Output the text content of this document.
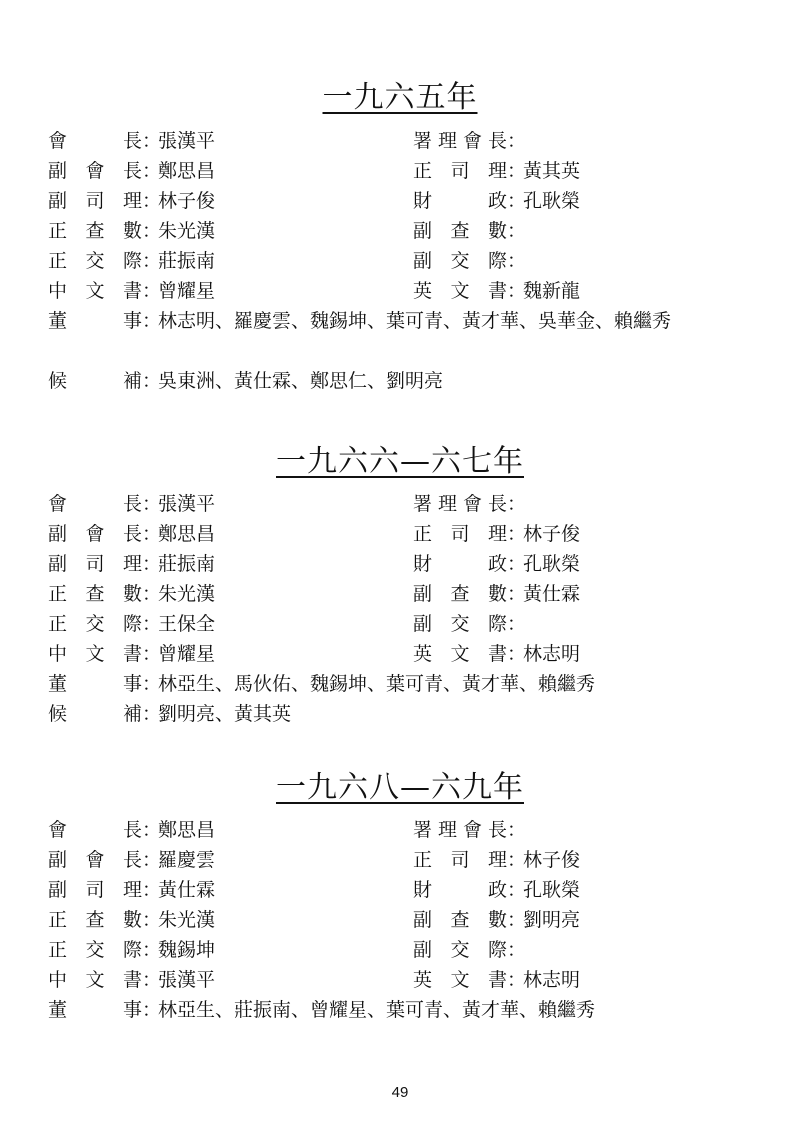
一九六五年
會長：張漢平	署理會長：
副會長：鄭思昌	正司理：黃其英
副司理：林子俊	財政：孔耿榮
正查數：朱光漢	副查數：
正交際：莊振南	副交際：
中文書：曾耀星	英文書：魏新龍
董事：林志明、羅慶雲、魏錫坤、葉可青、黃才華、吳華金、賴繼秀
候補：吳東洲、黃仕霖、鄭思仁、劉明亮
一九六六—六七年
會長：張漢平	署理會長：
副會長：鄭思昌	正司理：林子俊
副司理：莊振南	財政：孔耿榮
正查數：朱光漢	副查數：黃仕霖
正交際：王保全	副交際：
中文書：曾耀星	英文書：林志明
董事：林亞生、馬伙佑、魏錫坤、葉可青、黃才華、賴繼秀
候補：劉明亮、黃其英
一九六八—六九年
會長：鄭思昌	署理會長：
副會長：羅慶雲	正司理：林子俊
副司理：黃仕霖	財政：孔耿榮
正查數：朱光漢	副查數：劉明亮
正交際：魏錫坤	副交際：
中文書：張漢平	英文書：林志明
董事：林亞生、莊振南、曾耀星、葉可青、黃才華、賴繼秀
49
